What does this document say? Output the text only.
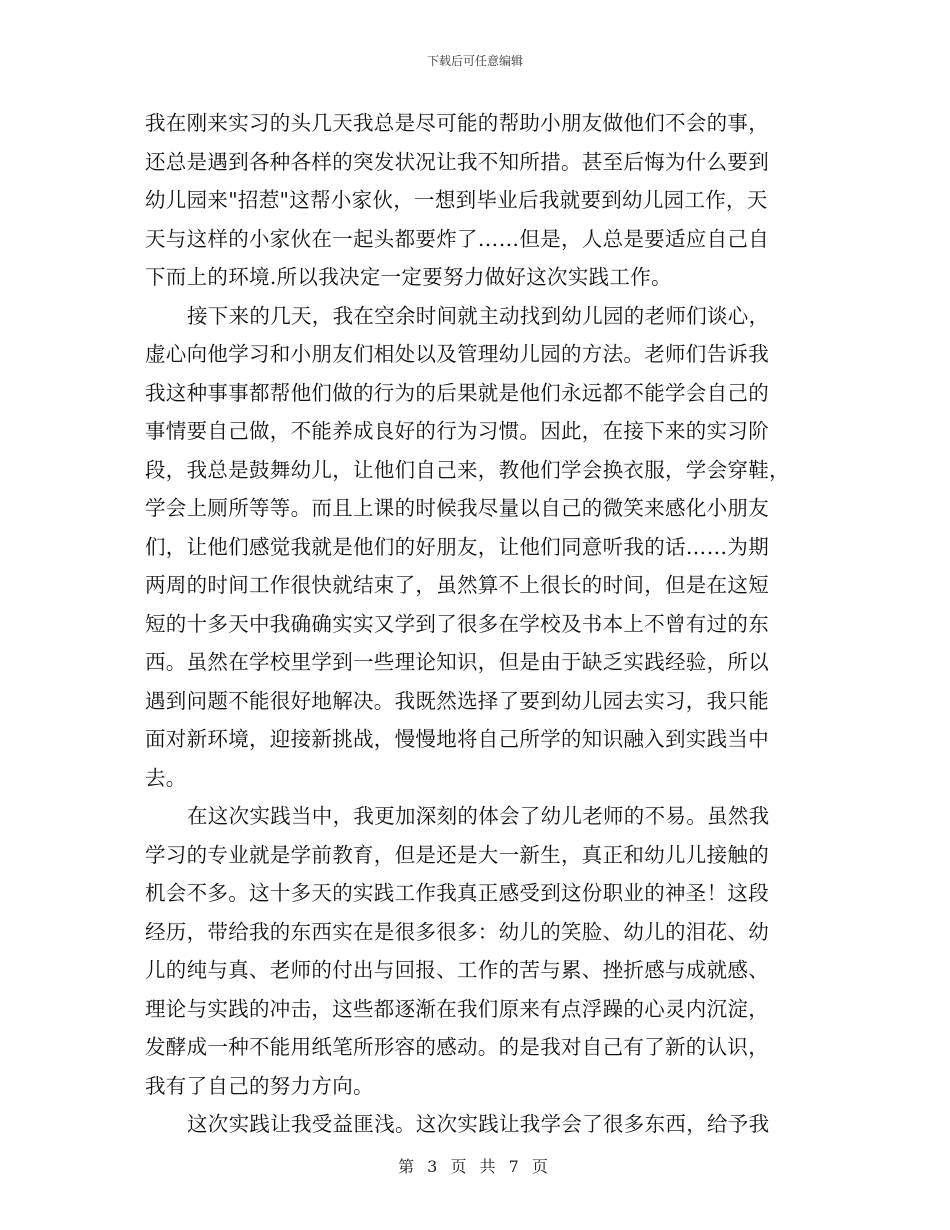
下载后可任意编辑
我在刚来实习的头几天我总是尽可能的帮助小朋友做他们不会的事，
还总是遇到各种各样的突发状况让我不知所措。甚至后悔为什么要到
幼儿园来"招惹"这帮小家伙，一想到毕业后我就要到幼儿园工作，天
天与这样的小家伙在一起头都要炸了……但是，人总是要适应自己自
下而上的环境.所以我决定一定要努力做好这次实践工作。
接下来的几天，我在空余时间就主动找到幼儿园的老师们谈心，
虚心向他学习和小朋友们相处以及管理幼儿园的方法。老师们告诉我
我这种事事都帮他们做的行为的后果就是他们永远都不能学会自己的
事情要自己做，不能养成良好的行为习惯。因此，在接下来的实习阶
段，我总是鼓舞幼儿，让他们自己来，教他们学会换衣服，学会穿鞋，
学会上厕所等等。而且上课的时候我尽量以自己的微笑来感化小朋友
们，让他们感觉我就是他们的好朋友，让他们同意听我的话……为期
两周的时间工作很快就结束了，虽然算不上很长的时间，但是在这短
短的十多天中我确确实实又学到了很多在学校及书本上不曾有过的东
西。虽然在学校里学到一些理论知识，但是由于缺乏实践经验，所以
遇到问题不能很好地解决。我既然选择了要到幼儿园去实习，我只能
面对新环境，迎接新挑战，慢慢地将自己所学的知识融入到实践当中
去。
在这次实践当中，我更加深刻的体会了幼儿老师的不易。虽然我
学习的专业就是学前教育，但是还是大一新生，真正和幼儿儿接触的
机会不多。这十多天的实践工作我真正感受到这份职业的神圣！这段
经历，带给我的东西实在是很多很多：幼儿的笑脸、幼儿的泪花、幼
儿的纯与真、老师的付出与回报、工作的苦与累、挫折感与成就感、
理论与实践的冲击，这些都逐渐在我们原来有点浮躁的心灵内沉淀，
发酵成一种不能用纸笔所形容的感动。的是我对自己有了新的认识，
我有了自己的努力方向。
这次实践让我受益匪浅。这次实践让我学会了很多东西，给予我
第 3 页 共 7 页
